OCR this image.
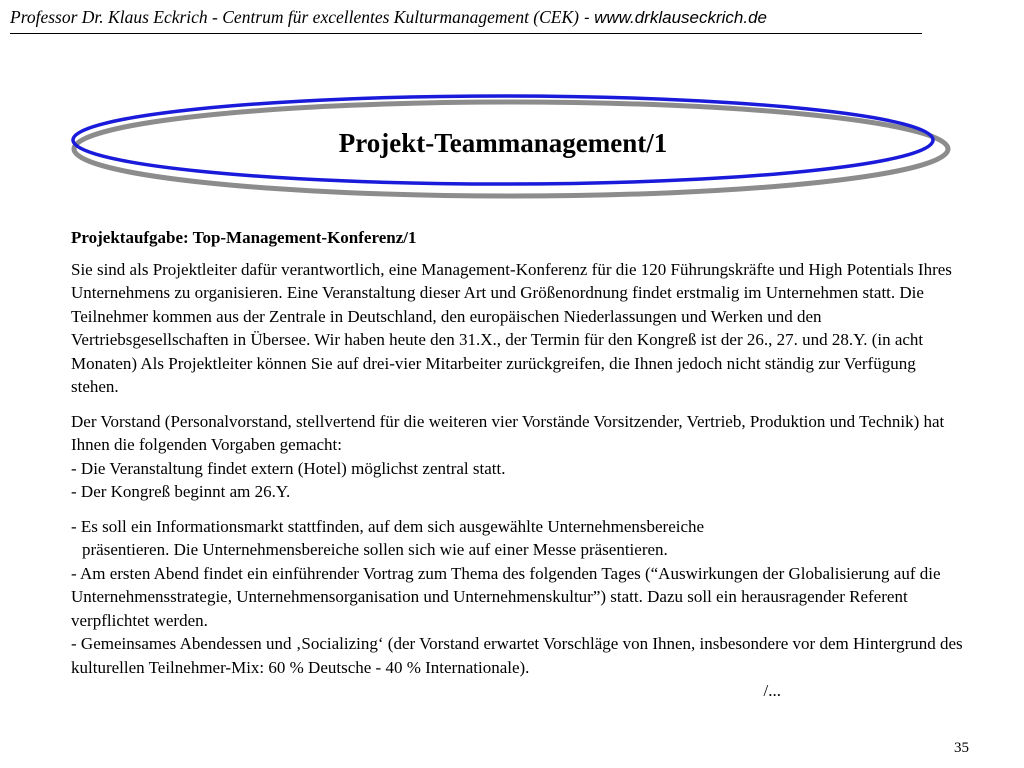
Professor Dr. Klaus Eckrich - Centrum für excellentes Kulturmanagement (CEK) - www.drklauseckrich.de
Projekt-Teammanagement/1

Projektaufgabe: Top-Management-Konferenz/1

Sie sind als Projektleiter dafür verantwortlich, eine Management-Konferenz für die 120 Führungskräfte und High Potentials Ihres Unternehmens zu organisieren. Eine Veranstaltung dieser Art und Größenordnung findet erstmalig im Unternehmen statt. Die Teilnehmer kommen aus der Zentrale in Deutschland, den europäischen Niederlassungen und Werken und den Vertriebsgesellschaften in Übersee. Wir haben heute den 31.X., der Termin für den Kongreß ist der 26., 27. und 28.Y. (in acht Monaten) Als Projektleiter können Sie auf drei-vier Mitarbeiter zurückgreifen, die Ihnen jedoch nicht ständig zur Verfügung stehen.

Der Vorstand (Personalvorstand, stellvertend für die weiteren vier Vorstände Vorsitzender, Vertrieb, Produktion und Technik) hat Ihnen die folgenden Vorgaben gemacht:

- Die Veranstaltung findet extern (Hotel) möglichst zentral statt.

- Der Kongreß beginnt am 26.Y.

- Es soll ein Informationsmarkt stattfinden, auf dem sich ausgewählte Unternehmensbereiche
präsentieren. Die Unternehmensbereiche sollen sich wie auf einer Messe präsentieren.
- Am ersten Abend findet ein einführender Vortrag zum Thema des folgenden Tages (“Auswirkungen der Globalisierung auf die Unternehmensstrategie, Unternehmensorganisation und Unternehmenskultur”) statt. Dazu soll ein herausragender Referent verpflichtet werden.
- Gemeinsames Abendessen und ‚Socializing‘ (der Vorstand erwartet Vorschläge von Ihnen, insbesondere vor dem Hintergrund des kulturellen Teilnehmer-Mix: 60 % Deutsche - 40 % Internationale).
/...
35
